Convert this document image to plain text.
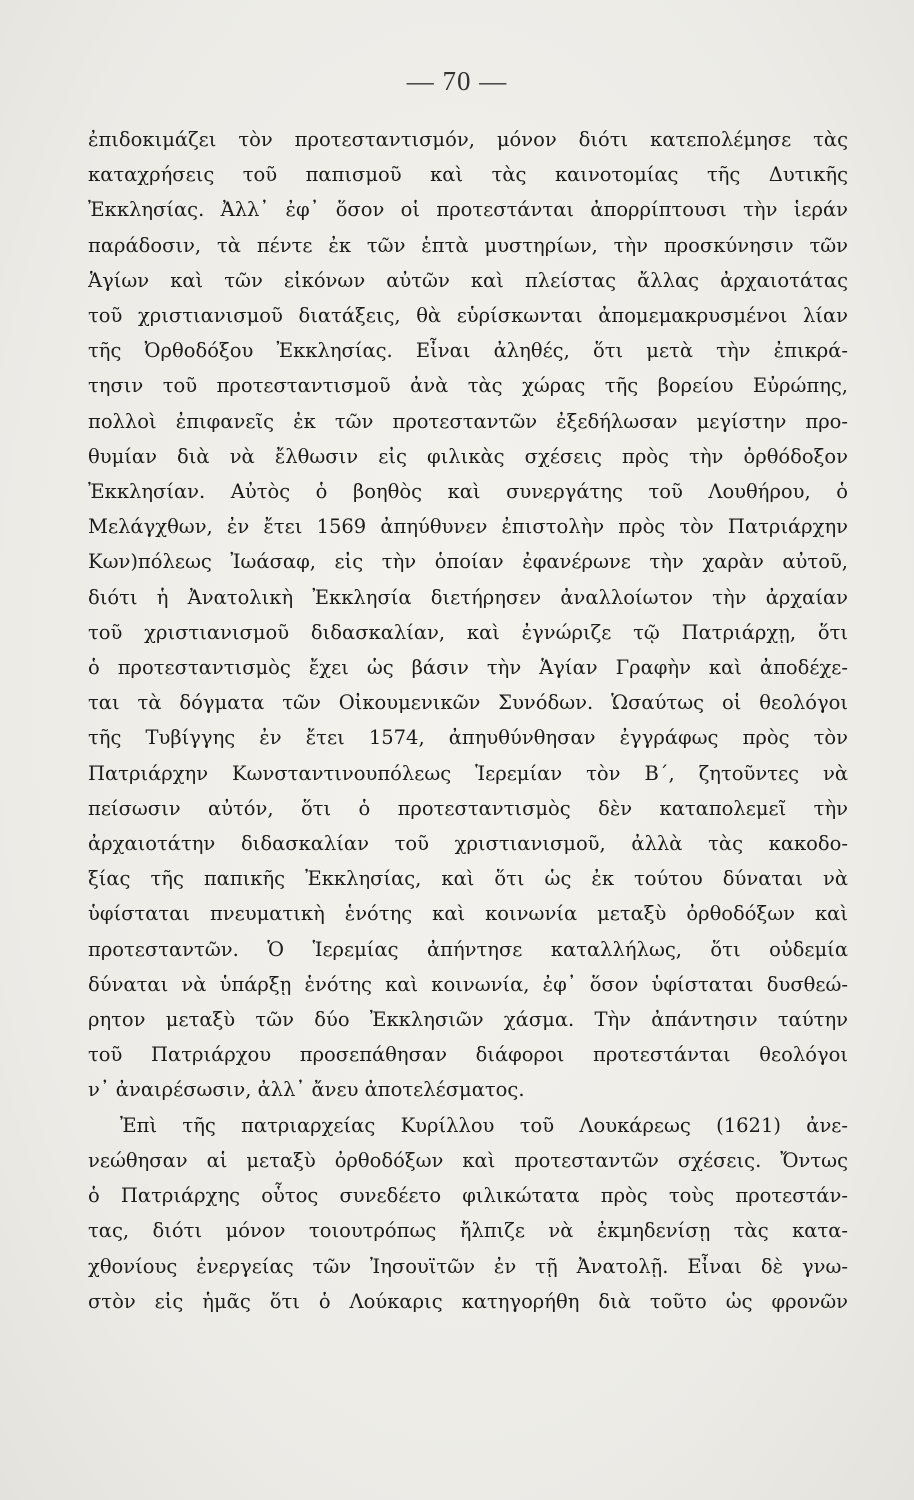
— 70 —
ἐπιδοκιμάζει τὸν προτεσταντισμόν, μόνον διότι κατεπολέμησε τὰς
καταχρήσεις τοῦ παπισμοῦ καὶ τὰς καινοτομίας τῆς Δυτικῆς
Ἐκκλησίας. Ἀλλ᾽ ἐφ᾽ ὅσον οἱ προτεστάνται ἀπορρίπτουσι τὴν ἱεράν
παράδοσιν, τὰ πέντε ἐκ τῶν ἑπτὰ μυστηρίων, τὴν προσκύνησιν τῶν
Ἁγίων καὶ τῶν εἰκόνων αὐτῶν καὶ πλείστας ἄλλας ἀρχαιοτάτας
τοῦ χριστιανισμοῦ διατάξεις, θὰ εὑρίσκωνται ἀπομεμακρυσμένοι λίαν
τῆς Ὀρθοδόξου Ἐκκλησίας. Εἶναι ἀληθές, ὅτι μετὰ τὴν ἐπικρά-
τησιν τοῦ προτεσταντισμοῦ ἀνὰ τὰς χώρας τῆς βορείου Εὐρώπης,
πολλοὶ ἐπιφανεῖς ἐκ τῶν προτεσταντῶν ἐξεδήλωσαν μεγίστην προ-
θυμίαν διὰ νὰ ἔλθωσιν εἰς φιλικὰς σχέσεις πρὸς τὴν ὀρθόδοξον
Ἐκκλησίαν. Αὐτὸς ὁ βοηθὸς καὶ συνεργάτης τοῦ Λουθήρου, ὁ
Μελάγχθων, ἐν ἔτει 1569 ἀπηύθυνεν ἐπιστολὴν πρὸς τὸν Πατριάρχην
Κων)πόλεως Ἰωάσαφ, εἰς τὴν ὁποίαν ἐφανέρωνε τὴν χαρὰν αὐτοῦ,
διότι ἡ Ἀνατολικὴ Ἐκκλησία διετήρησεν ἀναλλοίωτον τὴν ἀρχαίαν
τοῦ χριστιανισμοῦ διδασκαλίαν, καὶ ἐγνώριζε τῷ Πατριάρχῃ, ὅτι
ὁ προτεσταντισμὸς ἔχει ὡς βάσιν τὴν Ἁγίαν Γραφὴν καὶ ἀποδέχε-
ται τὰ δόγματα τῶν Οἰκουμενικῶν Συνόδων. Ὡσαύτως οἱ θεολόγοι
τῆς Τυβίγγης ἐν ἔτει 1574, ἀπηυθύνθησαν ἐγγράφως πρὸς τὸν
Πατριάρχην Κωνσταντινουπόλεως Ἱερεμίαν τὸν Β΄, ζητοῦντες νὰ
πείσωσιν αὐτόν, ὅτι ὁ προτεσταντισμὸς δὲν καταπολεμεῖ τὴν
ἀρχαιοτάτην διδασκαλίαν τοῦ χριστιανισμοῦ, ἀλλὰ τὰς κακοδο-
ξίας τῆς παπικῆς Ἐκκλησίας, καὶ ὅτι ὡς ἐκ τούτου δύναται νὰ
ὑφίσταται πνευματικὴ ἑνότης καὶ κοινωνία μεταξὺ ὀρθοδόξων καὶ
προτεσταντῶν. Ὁ Ἱερεμίας ἀπήντησε καταλλήλως, ὅτι οὐδεμία
δύναται νὰ ὑπάρξῃ ἑνότης καὶ κοινωνία, ἐφ᾽ ὅσον ὑφίσταται δυσθεώ-
ρητον μεταξὺ τῶν δύο Ἐκκλησιῶν χάσμα. Τὴν ἀπάντησιν ταύτην
τοῦ Πατριάρχου προσεπάθησαν διάφοροι προτεστάνται θεολόγοι
ν᾽ ἀναιρέσωσιν, ἀλλ᾽ ἄνευ ἀποτελέσματος.
Ἐπὶ τῆς πατριαρχείας Κυρίλλου τοῦ Λουκάρεως (1621) ἀνε-
νεώθησαν αἱ μεταξὺ ὀρθοδόξων καὶ προτεσταντῶν σχέσεις. Ὄντως
ὁ Πατριάρχης οὗτος συνεδέετο φιλικώτατα πρὸς τοὺς προτεστάν-
τας, διότι μόνον τοιουτρόπως ἤλπιζε νὰ ἐκμηδενίσῃ τὰς κατα-
χθονίους ἐνεργείας τῶν Ἰησουϊτῶν ἐν τῇ Ἀνατολῇ. Εἶναι δὲ γνω-
στὸν εἰς ἡμᾶς ὅτι ὁ Λούκαρις κατηγορήθη διὰ τοῦτο ὡς φρονῶν
